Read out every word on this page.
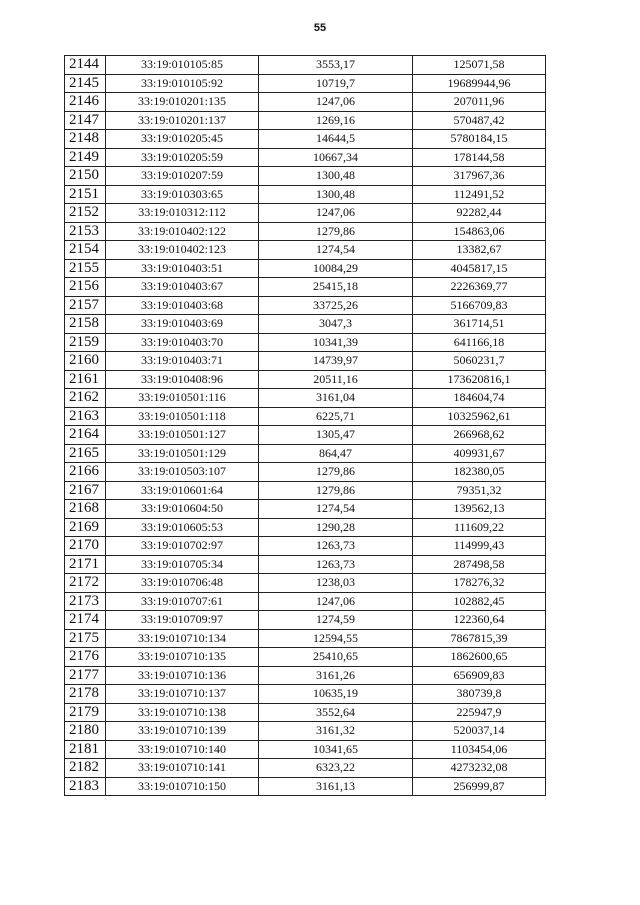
55
2144	33:19:010105:85	3553,17	125071,58
2145	33:19:010105:92	10719,7	19689944,96
2146	33:19:010201:135	1247,06	207011,96
2147	33:19:010201:137	1269,16	570487,42
2148	33:19:010205:45	14644,5	5780184,15
2149	33:19:010205:59	10667,34	178144,58
2150	33:19:010207:59	1300,48	317967,36
2151	33:19:010303:65	1300,48	112491,52
2152	33:19:010312:112	1247,06	92282,44
2153	33:19:010402:122	1279,86	154863,06
2154	33:19:010402:123	1274,54	13382,67
2155	33:19:010403:51	10084,29	4045817,15
2156	33:19:010403:67	25415,18	2226369,77
2157	33:19:010403:68	33725,26	5166709,83
2158	33:19:010403:69	3047,3	361714,51
2159	33:19:010403:70	10341,39	641166,18
2160	33:19:010403:71	14739,97	5060231,7
2161	33:19:010408:96	20511,16	173620816,1
2162	33:19:010501:116	3161,04	184604,74
2163	33:19:010501:118	6225,71	10325962,61
2164	33:19:010501:127	1305,47	266968,62
2165	33:19:010501:129	864,47	409931,67
2166	33:19:010503:107	1279,86	182380,05
2167	33:19:010601:64	1279,86	79351,32
2168	33:19:010604:50	1274,54	139562,13
2169	33:19:010605:53	1290,28	111609,22
2170	33:19:010702:97	1263,73	114999,43
2171	33:19:010705:34	1263,73	287498,58
2172	33:19:010706:48	1238,03	178276,32
2173	33:19:010707:61	1247,06	102882,45
2174	33:19:010709:97	1274,59	122360,64
2175	33:19:010710:134	12594,55	7867815,39
2176	33:19:010710:135	25410,65	1862600,65
2177	33:19:010710:136	3161,26	656909,83
2178	33:19:010710:137	10635,19	380739,8
2179	33:19:010710:138	3552,64	225947,9
2180	33:19:010710:139	3161,32	520037,14
2181	33:19:010710:140	10341,65	1103454,06
2182	33:19:010710:141	6323,22	4273232,08
2183	33:19:010710:150	3161,13	256999,87
